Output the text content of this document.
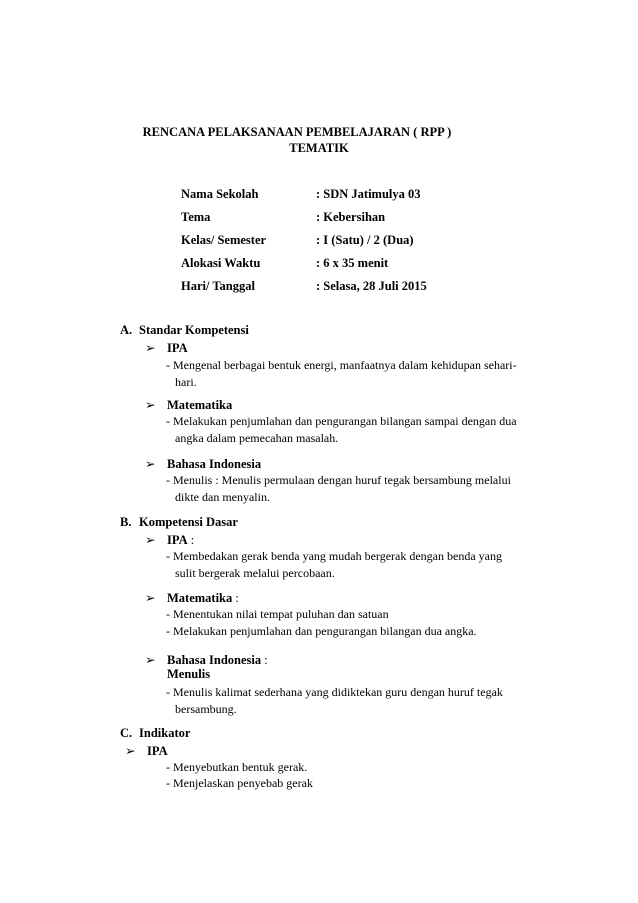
RENCANA PELAKSANAAN PEMBELAJARAN ( RPP )
TEMATIK
Nama Sekolah	: SDN Jatimulya 03
Tema	: Kebersihan
Kelas/ Semester	: I (Satu) / 2 (Dua)
Alokasi Waktu	: 6 x 35 menit
Hari/ Tanggal	: Selasa, 28 Juli 2015
A. Standar Kompetensi
➢ IPA
- Mengenal berbagai bentuk energi, manfaatnya dalam kehidupan sehari-
hari.
➢ Matematika
- Melakukan penjumlahan dan pengurangan bilangan sampai dengan dua
angka dalam pemecahan masalah.
➢ Bahasa Indonesia
- Menulis : Menulis permulaan dengan huruf tegak bersambung melalui
dikte dan menyalin.
B. Kompetensi Dasar
➢ IPA :
- Membedakan gerak benda yang mudah bergerak dengan benda yang
sulit bergerak melalui percobaan.
➢ Matematika :
- Menentukan nilai tempat puluhan dan satuan
- Melakukan penjumlahan dan pengurangan bilangan dua angka.
➢ Bahasa Indonesia :
Menulis
- Menulis kalimat sederhana yang didiktekan guru dengan huruf tegak
bersambung.
C. Indikator
➢ IPA
- Menyebutkan bentuk gerak.
- Menjelaskan penyebab gerak
